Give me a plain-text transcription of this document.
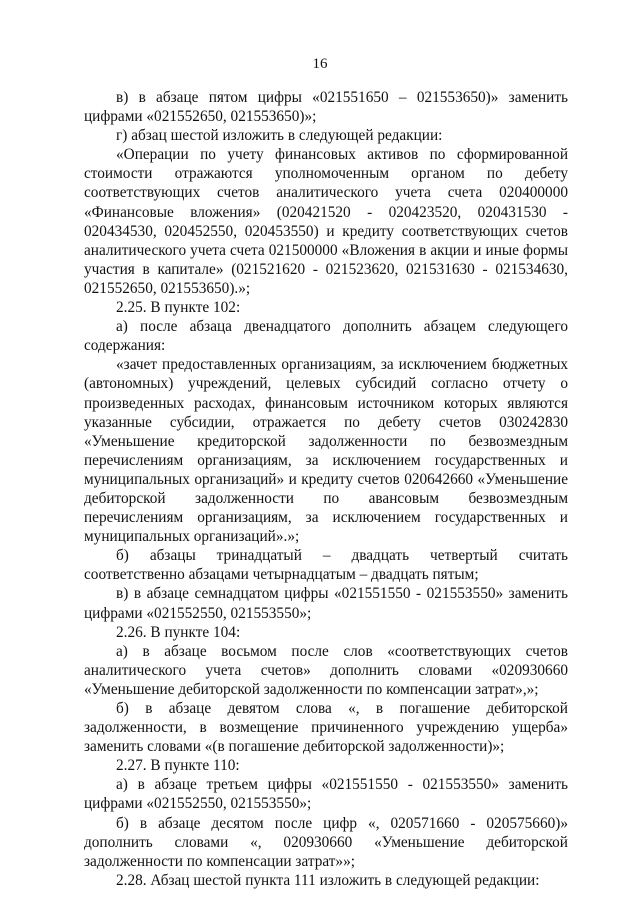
16

в) в абзаце пятом цифры «021551650 – 021553650)» заменить цифрами «021552650, 021553650)»;

г) абзац шестой изложить в следующей редакции:

«Операции по учету финансовых активов по сформированной стоимости отражаются уполномоченным органом по дебету соответствующих счетов аналитического учета счета 020400000 «Финансовые вложения» (020421520 - 020423520, 020431530 - 020434530, 020452550, 020453550) и кредиту соответствующих счетов аналитического учета счета 021500000 «Вложения в акции и иные формы участия в капитале» (021521620 - 021523620, 021531630 - 021534630, 021552650, 021553650).»;

2.25. В пункте 102:

а) после абзаца двенадцатого дополнить абзацем следующего содержания:

«зачет предоставленных организациям, за исключением бюджетных (автономных) учреждений, целевых субсидий согласно отчету о произведенных расходах, финансовым источником которых являются указанные субсидии, отражается по дебету счетов 030242830 «Уменьшение кредиторской задолженности по безвозмездным перечислениям организациям, за исключением государственных и муниципальных организаций» и кредиту счетов 020642660 «Уменьшение дебиторской задолженности по авансовым безвозмездным перечислениям организациям, за исключением государственных и муниципальных организаций».»;

б) абзацы тринадцатый – двадцать четвертый считать соответственно абзацами четырнадцатым – двадцать пятым;

в) в абзаце семнадцатом цифры «021551550 - 021553550» заменить цифрами «021552550, 021553550»;

2.26. В пункте 104:

а) в абзаце восьмом после слов «соответствующих счетов аналитического учета счетов» дополнить словами «020930660 «Уменьшение дебиторской задолженности по компенсации затрат»,»;

б) в абзаце девятом слова «, в погашение дебиторской задолженности, в возмещение причиненного учреждению ущерба» заменить словами «(в погашение дебиторской задолженности)»;

2.27. В пункте 110:

а) в абзаце третьем цифры «021551550 - 021553550» заменить цифрами «021552550, 021553550»;

б) в абзаце десятом после цифр «, 020571660 - 020575660)» дополнить словами «, 020930660 «Уменьшение дебиторской задолженности по компенсации затрат»»;

2.28. Абзац шестой пункта 111 изложить в следующей редакции:
